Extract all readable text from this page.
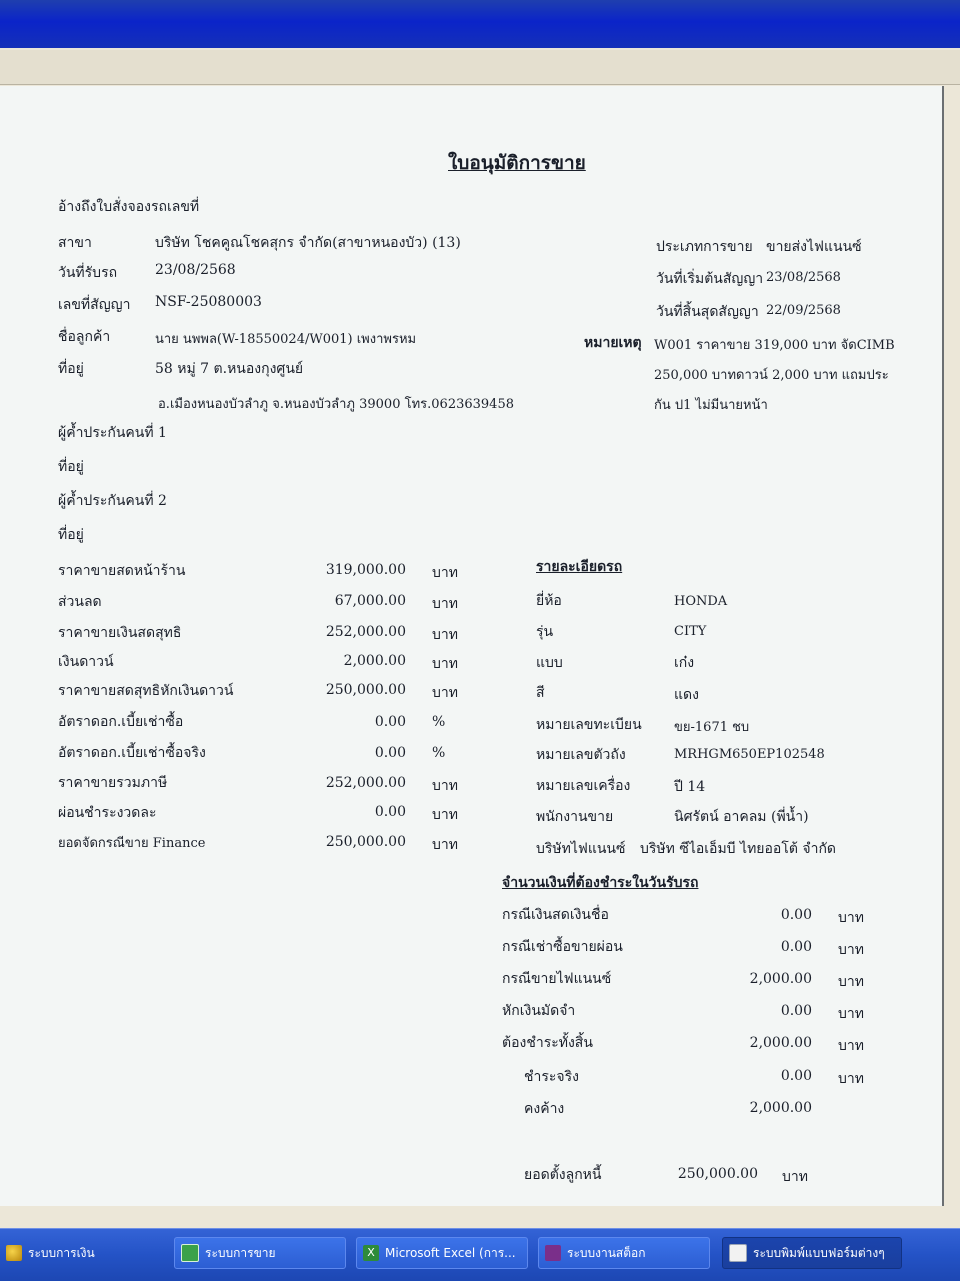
ใบอนุมัติการขาย
อ้างถึงใบสั่งจองรถเลขที่
สาขา	บริษัท โชคคูณโชคสุกร จำกัด(สาขาหนองบัว) (13)
วันที่รับรถ	23/08/2568
เลขที่สัญญา NSF-25080003
ชื่อลูกค้า	นาย นพพล(W-18550024/W001) เพงาพรหม
ที่อยู่	58 หมู่ 7 ต.หนองกุงศูนย์
อ.เมืองหนองบัวลำภู จ.หนองบัวลำภู 39000 โทร.0623639458
ผู้ค้ำประกันคนที่ 1
ที่อยู่
ผู้ค้ำประกันคนที่ 2
ที่อยู่
ประเภทการขาย ขายส่งไฟแนนซ์
วันที่เริ่มต้นสัญญา 23/08/2568
วันที่สิ้นสุดสัญญา 22/09/2568
หมายเหตุ W001 ราคาขาย 319,000 บาท จัดCIMB
250,000 บาทดาวน์ 2,000 บาท แถมประ
กัน ป1 ไม่มีนายหน้า
ราคาขายสดหน้าร้าน	319,000.00 บาท
ส่วนลด	67,000.00 บาท
ราคาขายเงินสดสุทธิ	252,000.00 บาท
เงินดาวน์	2,000.00 บาท
ราคาขายสดสุทธิหักเงินดาวน์	250,000.00 บาท
อัตราดอก.เบี้ยเช่าซื้อ	0.00 %
อัตราดอก.เบี้ยเช่าซื้อจริง	0.00 %
ราคาขายรวมภาษี	252,000.00 บาท
ผ่อนชำระงวดละ	0.00 บาท
ยอดจัดกรณีขาย Finance	250,000.00 บาท
รายละเอียดรถ
ยี่ห้อ	HONDA
รุ่น	CITY
แบบ	เก๋ง
สี	แดง
หมายเลขทะเบียน ขย-1671 ชบ
หมายเลขตัวถัง	MRHGM650EP102548
หมายเลขเครื่อง	ปี 14
พนักงานขาย	นิศรัตน์ อาคลม (พี่น้ำ)
บริษัทไฟแนนซ์ บริษัท ซีไอเอ็มบี ไทยออโต้ จำกัด
จำนวนเงินที่ต้องชำระในวันรับรถ
กรณีเงินสดเงินชื่อ	0.00 บาท
กรณีเช่าซื้อขายผ่อน	0.00 บาท
กรณีขายไฟแนนซ์	2,000.00 บาท
หักเงินมัดจำ	0.00 บาท
ต้องชำระทั้งสิ้น	2,000.00 บาท
ชำระจริง	0.00 บาท
คงค้าง	2,000.00
ยอดตั้งลูกหนี้	250,000.00 บาท
ระบบการเงิน	ระบบการขาย	X Microsoft Excel (การ...	ระบบงานสต็อก	ระบบพิมพ์แบบฟอร์มต่างๆ
